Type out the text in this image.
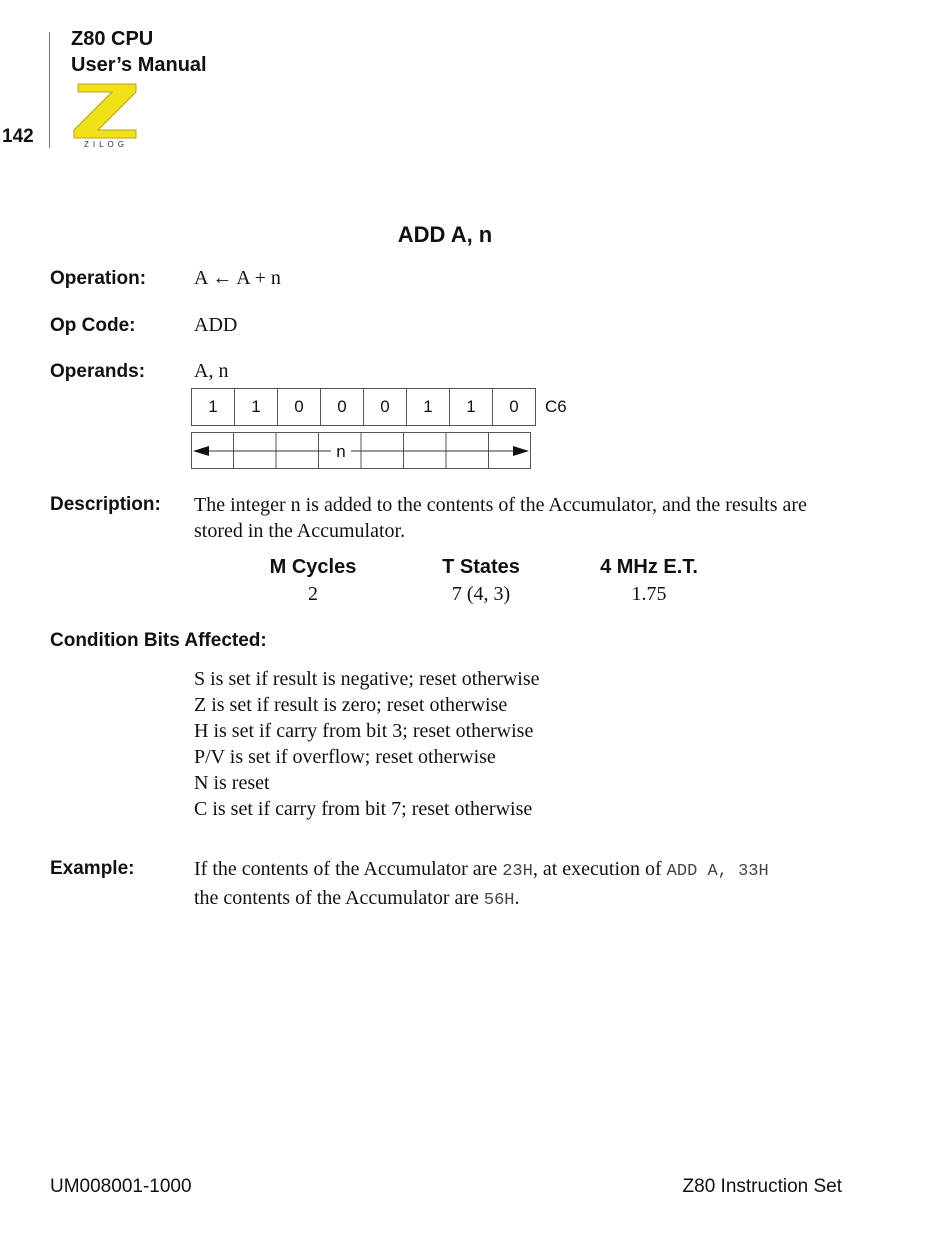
Z80 CPU
User’s Manual
142	ZILOG
ADD A, n
Operation: A ← A + n
Op Code:	ADD
Operands: A, n
1	1	0	0	0	1	1	0 C6
n
Description: The integer n is added to the contents of the Accumulator, and the results are stored in the Accumulator.
M Cycles	T States	4 MHz E.T.
2	7 (4, 3)	1.75
Condition Bits Affected:
S is set if result is negative; reset otherwise
Z is set if result is zero; reset otherwise
H is set if carry from bit 3; reset otherwise
P/V is set if overflow; reset otherwise
N is reset
C is set if carry from bit 7; reset otherwise
Example:	If the contents of the Accumulator are 23H, at execution of ADD A, 33H
the contents of the Accumulator are 56H.
UM008001-1000	Z80 Instruction Set
